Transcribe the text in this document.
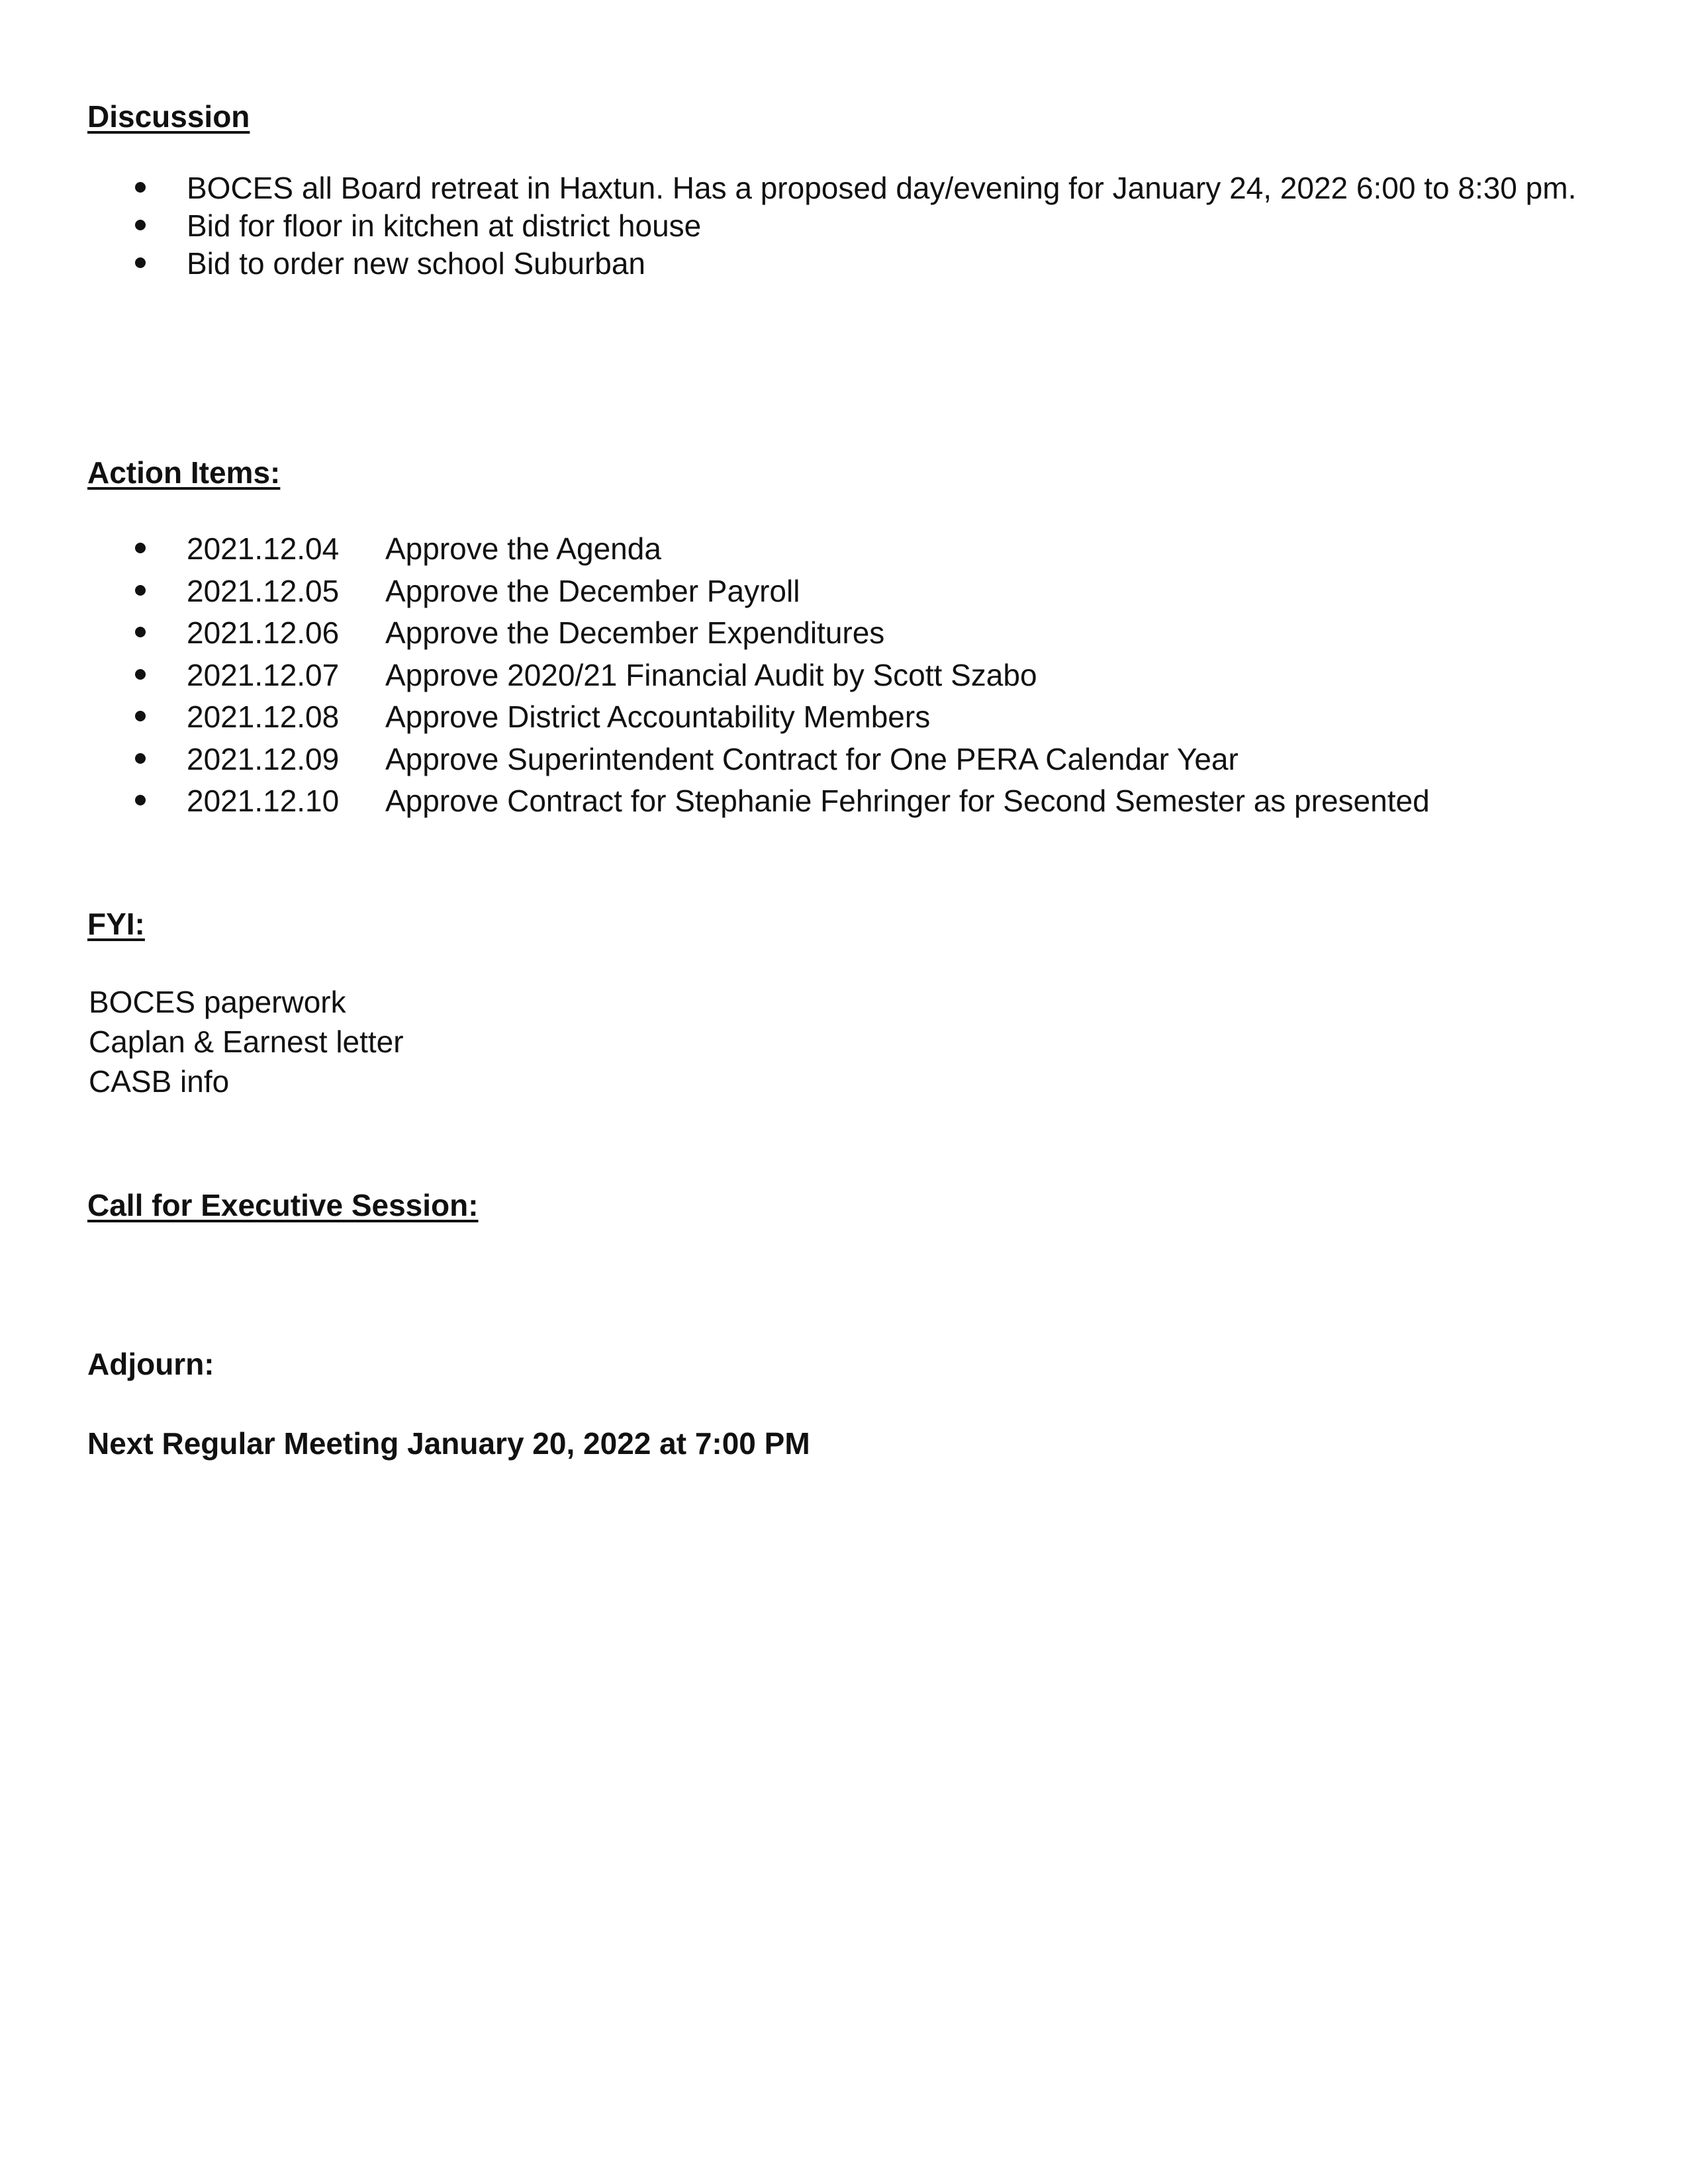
Discussion
BOCES all Board retreat in Haxtun. Has a proposed day/evening for January 24, 2022 6:00 to 8:30 pm.
Bid for floor in kitchen at district house
Bid to order new school Suburban
Action Items:
2021.12.04 Approve the Agenda
2021.12.05 Approve the December Payroll
2021.12.06 Approve the December Expenditures
2021.12.07 Approve 2020/21 Financial Audit by Scott Szabo
2021.12.08 Approve District Accountability Members
2021.12.09 Approve Superintendent Contract for One PERA Calendar Year
2021.12.10 Approve Contract for Stephanie Fehringer for Second Semester as presented
FYI:
BOCES paperwork
Caplan & Earnest letter
CASB info
Call for Executive Session:
Adjourn:

Next Regular Meeting January 20, 2022 at 7:00 PM
